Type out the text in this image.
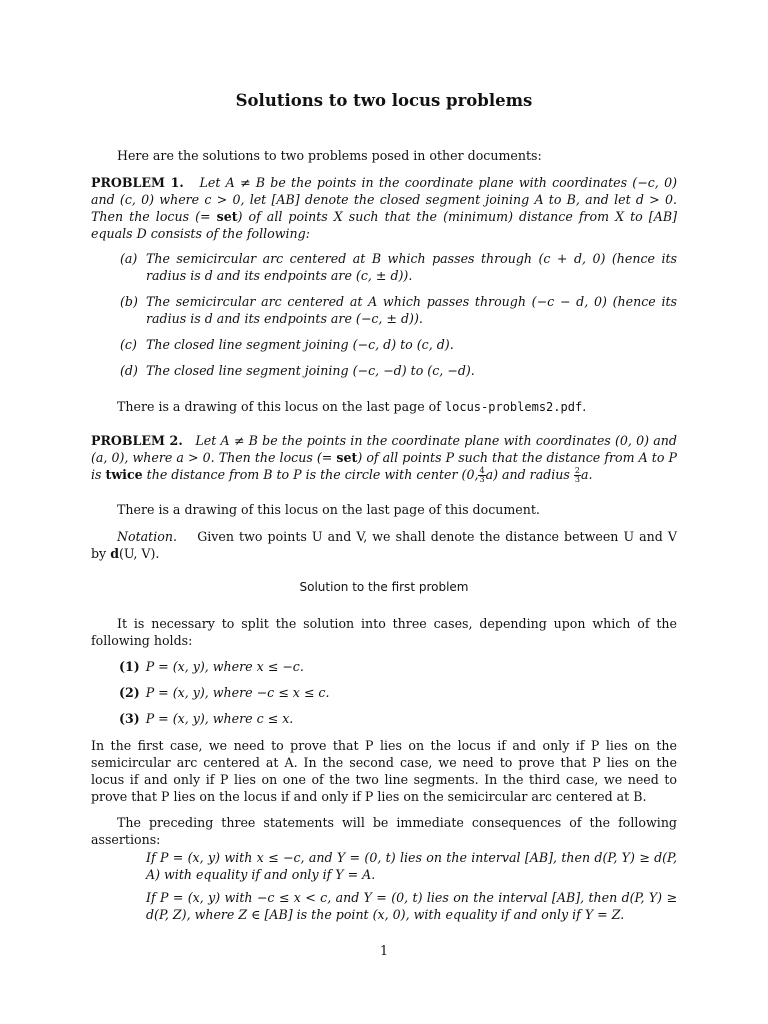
Solutions to two locus problems
Here are the solutions to two problems posed in other documents:
PROBLEM 1. Let A ≠ B be the points in the coordinate plane with coordinates (−c, 0) and (c, 0) where c > 0, let [AB] denote the closed segment joining A to B, and let d > 0. Then the locus (= set) of all points X such that the (minimum) distance from X to [AB] equals D consists of the following:
(a) The semicircular arc centered at B which passes through (c + d, 0) (hence its radius is d and its endpoints are (c, ± d)).
(b) The semicircular arc centered at A which passes through (−c − d, 0) (hence its radius is d and its endpoints are (−c, ± d)).
(c) The closed line segment joining (−c, d) to (c, d).
(d) The closed line segment joining (−c, −d) to (c, −d).
There is a drawing of this locus on the last page of locus-problems2.pdf.
PROBLEM 2. Let A ≠ B be the points in the coordinate plane with coordinates (0, 0) and (a, 0), where a > 0. Then the locus (= set) of all points P such that the distance from A to P is twice the distance from B to P is the circle with center (0, $\frac{4}{3} a$) and radius $\frac{2}{3} a$.
There is a drawing of this locus on the last page of this document.
Notation. Given two points U and V, we shall denote the distance between U and V by d(U, V).
Solution to the first problem
It is necessary to split the solution into three cases, depending upon which of the following holds:
(1) P = (x, y), where x ≤ −c.
(2) P = (x, y), where −c ≤ x ≤ c.
(3) P = (x, y), where c ≤ x.
In the first case, we need to prove that P lies on the locus if and only if P lies on the semicircular arc centered at A. In the second case, we need to prove that P lies on the locus if and only if P lies on one of the two line segments. In the third case, we need to prove that P lies on the locus if and only if P lies on the semicircular arc centered at B.
The preceding three statements will be immediate consequences of the following assertions:
If P = (x, y) with x ≤ −c, and Y = (0, t) lies on the interval [AB], then d(P, Y) ≥ d(P, A) with equality if and only if Y = A.
If P = (x, y) with −c ≤ x < c, and Y = (0, t) lies on the interval [AB], then d(P, Y) ≥ d(P, Z), where Z ∈ [AB] is the point (x, 0), with equality if and only if Y = Z.
1
